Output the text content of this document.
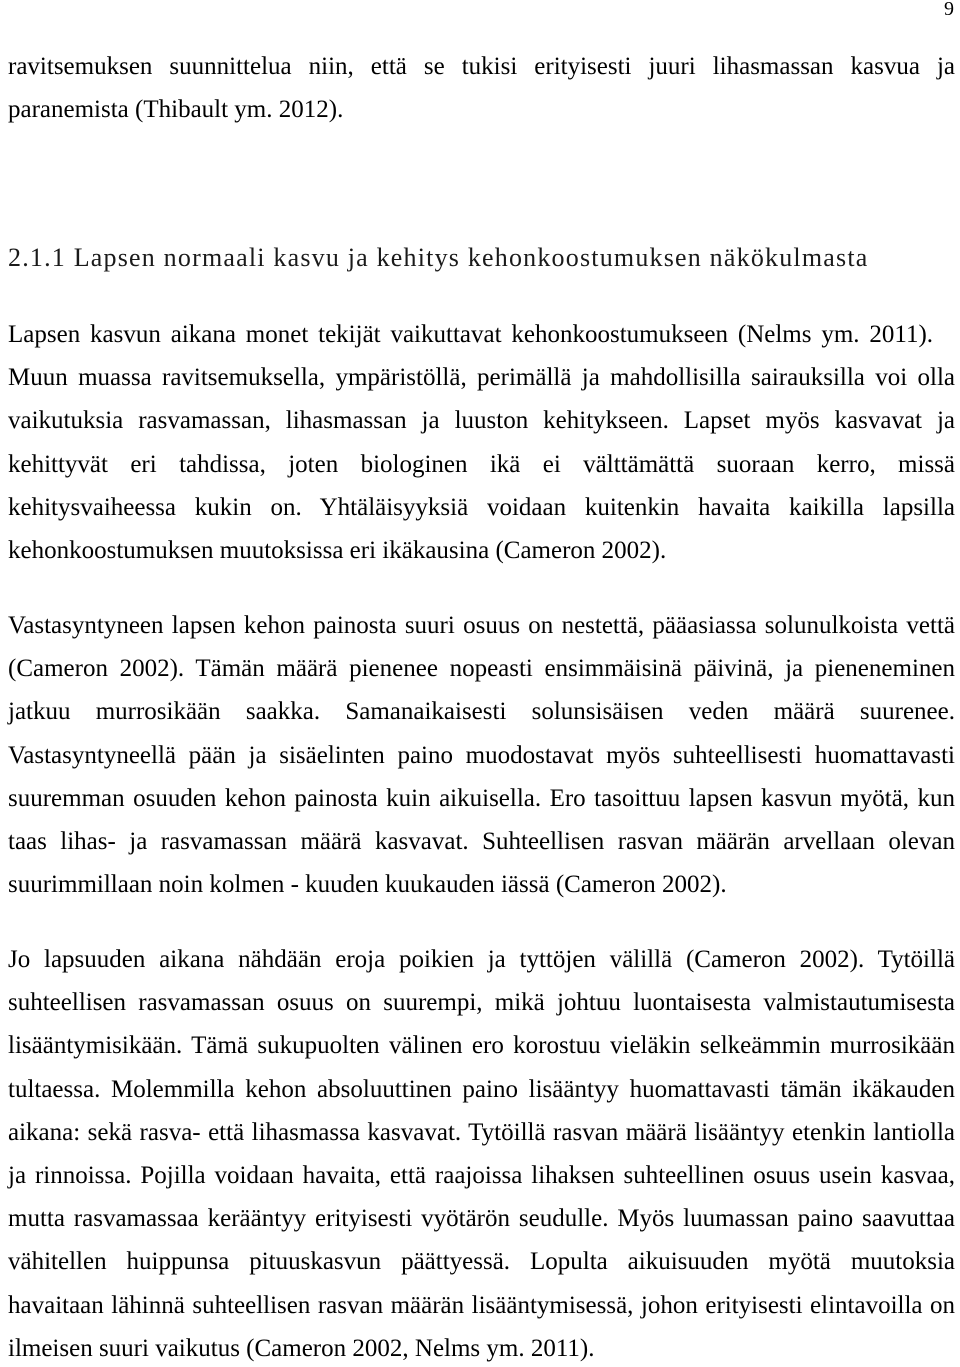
9
ravitsemuksen suunnittelua niin, että se tukisi erityisesti juuri lihasmassan kasvua ja
paranemista (Thibault ym. 2012).
2.1.1 Lapsen normaali kasvu ja kehitys kehonkoostumuksen näkökulmasta
Lapsen kasvun aikana monet tekijät vaikuttavat kehonkoostumukseen (Nelms ym. 2011).
Muun muassa ravitsemuksella, ympäristöllä, perimällä ja mahdollisilla sairauksilla voi olla
vaikutuksia rasvamassan, lihasmassan ja luuston kehitykseen. Lapset myös kasvavat ja
kehittyvät eri tahdissa, joten biologinen ikä ei välttämättä suoraan kerro, missä
kehitysvaiheessa kukin on. Yhtäläisyyksiä voidaan kuitenkin havaita kaikilla lapsilla
kehonkoostumuksen muutoksissa eri ikäkausina (Cameron 2002).
Vastasyntyneen lapsen kehon painosta suuri osuus on nestettä, pääasiassa solunulkoista vettä
(Cameron 2002). Tämän määrä pienenee nopeasti ensimmäisinä päivinä, ja pieneneminen
jatkuu murrosikään saakka. Samanaikaisesti solunsisäisen veden määrä suurenee.
Vastasyntyneellä pään ja sisäelinten paino muodostavat myös suhteellisesti huomattavasti
suuremman osuuden kehon painosta kuin aikuisella. Ero tasoittuu lapsen kasvun myötä, kun
taas lihas- ja rasvamassan määrä kasvavat. Suhteellisen rasvan määrän arvellaan olevan
suurimmillaan noin kolmen - kuuden kuukauden iässä (Cameron 2002).
Jo lapsuuden aikana nähdään eroja poikien ja tyttöjen välillä (Cameron 2002). Tytöillä
suhteellisen rasvamassan osuus on suurempi, mikä johtuu luontaisesta valmistautumisesta
lisääntymisikään. Tämä sukupuolten välinen ero korostuu vieläkin selkeämmin murrosikään
tultaessa. Molemmilla kehon absoluuttinen paino lisääntyy huomattavasti tämän ikäkauden
aikana: sekä rasva- että lihasmassa kasvavat. Tytöillä rasvan määrä lisääntyy etenkin lantiolla
ja rinnoissa. Pojilla voidaan havaita, että raajoissa lihaksen suhteellinen osuus usein kasvaa,
mutta rasvamassaa kerääntyy erityisesti vyötärön seudulle. Myös luumassan paino saavuttaa
vähitellen huippunsa pituuskasvun päättyessä. Lopulta aikuisuuden myötä muutoksia
havaitaan lähinnä suhteellisen rasvan määrän lisääntymisessä, johon erityisesti elintavoilla on
ilmeisen suuri vaikutus (Cameron 2002, Nelms ym. 2011).
